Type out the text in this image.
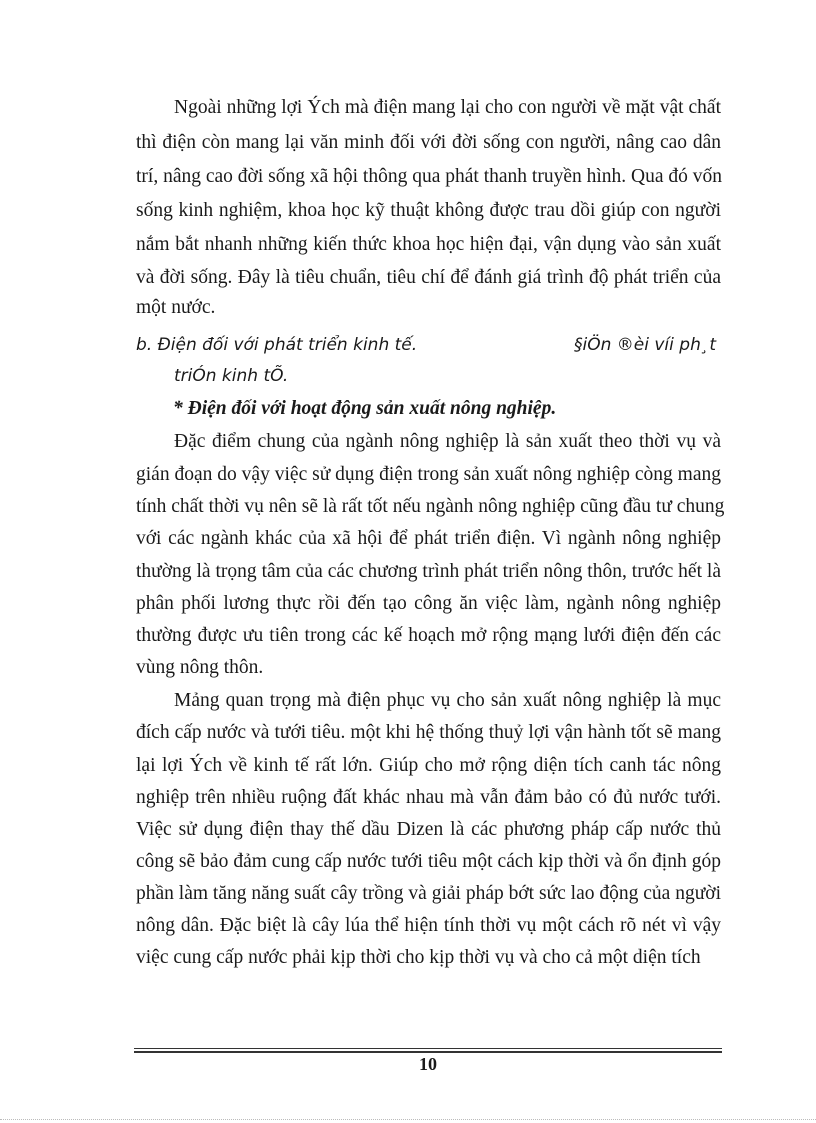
Ngoài những lợi Ých mà điện mang lại cho con người về mặt vật chất
thì điện còn mang lại văn minh đối với đời sống con người, nâng cao dân
trí, nâng cao đời sống xã hội thông qua phát thanh truyền hình. Qua đó vốn
sống kinh nghiệm, khoa học kỹ thuật không được trau dồi giúp con người
nắm bắt nhanh những kiến thức khoa học hiện đại, vận dụng vào sản xuất
và đời sống. Đây là tiêu chuẩn, tiêu chí để đánh giá trình độ phát triển của
một nước.
b. Điện đối với phát triển kinh tế.	§iÖn ®èi víi ph¸t
triÓn kinh tÕ.
* Điện đối với hoạt động sản xuất nông nghiệp.
Đặc điểm chung của ngành nông nghiệp là sản xuất theo thời vụ và
gián đoạn do vậy việc sử dụng điện trong sản xuất nông nghiệp còng mang
tính chất thời vụ nên sẽ là rất tốt nếu ngành nông nghiệp cũng đầu tư chung
với các ngành khác của xã hội để phát triển điện. Vì ngành nông nghiệp
thường là trọng tâm của các chương trình phát triển nông thôn, trước hết là
phân phối lương thực rồi đến tạo công ăn việc làm, ngành nông nghiệp
thường được ưu tiên trong các kế hoạch mở rộng mạng lưới điện đến các
vùng nông thôn.
Mảng quan trọng mà điện phục vụ cho sản xuất nông nghiệp là mục
đích cấp nước và tưới tiêu. một khi hệ thống thuỷ lợi vận hành tốt sẽ mang
lại lợi Ých về kinh tế rất lớn. Giúp cho mở rộng diện tích canh tác nông
nghiệp trên nhiều ruộng đất khác nhau mà vẫn đảm bảo có đủ nước tưới.
Việc sử dụng điện thay thế dầu Dizen là các phương pháp cấp nước thủ
công sẽ bảo đảm cung cấp nước tưới tiêu một cách kịp thời và ổn định góp
phần làm tăng năng suất cây trồng và giải pháp bớt sức lao động của người
nông dân. Đặc biệt là cây lúa thể hiện tính thời vụ một cách rõ nét vì vậy
việc cung cấp nước phải kịp thời cho kịp thời vụ và cho cả một diện tích
10
